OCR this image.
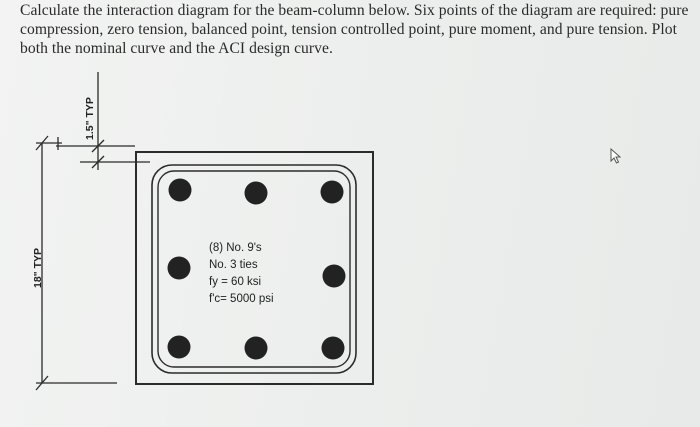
Calculate the interaction diagram for the beam-column below. Six points of the diagram are required: pure compression, zero tension, balanced point, tension controlled point, pure moment, and pure tension. Plot both the nominal curve and the ACI design curve.

1.5" TYP
18" TYP	(8) No. 9's
No. 3 ties
fy = 60 ksi
f'c= 5000 psi
